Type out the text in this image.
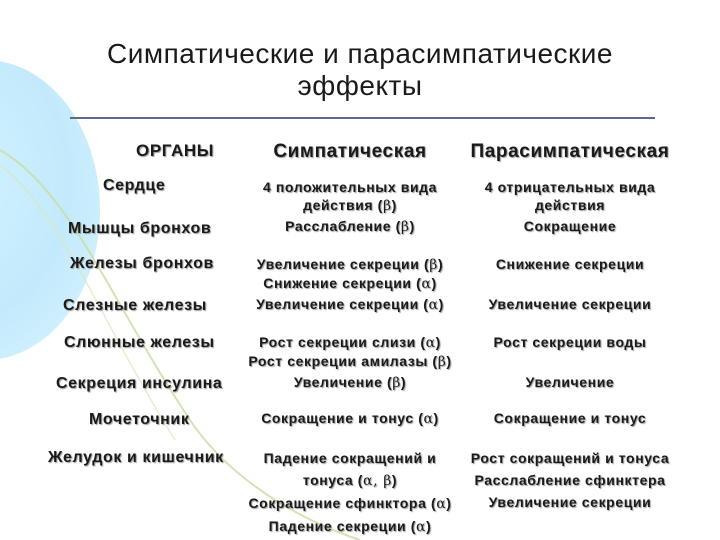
Симпатические и парасимпатические
эффекты
ОРГАНЫ	Симпатическая	Парасимпатическая
Сердце
Мышцы бронхов
Железы бронхов
Слезные железы
Слюнные железы
Секреция инсулина
Мочеточник
Желудок и кишечник
4 положительных вида
действия (β)
Расслабление (β)
Увеличение секреции (β)
Снижение секреции (α)
Увеличение секреции (α)
Рост секреции слизи (α)
Рост секреции амилазы (β)
Увеличение (β)
Сокращение и тонус (α)
Падение сокращений и
тонуса (α, β)
Сокращение сфинктора (α)
Падение секреции (α)
4 отрицательных вида
действия
Сокращение
Снижение секреции
Увеличение секреции
Рост секреции воды
Увеличение
Сокращение и тонус
Рост сокращений и тонуса
Расслабление сфинктера
Увеличение секреции
